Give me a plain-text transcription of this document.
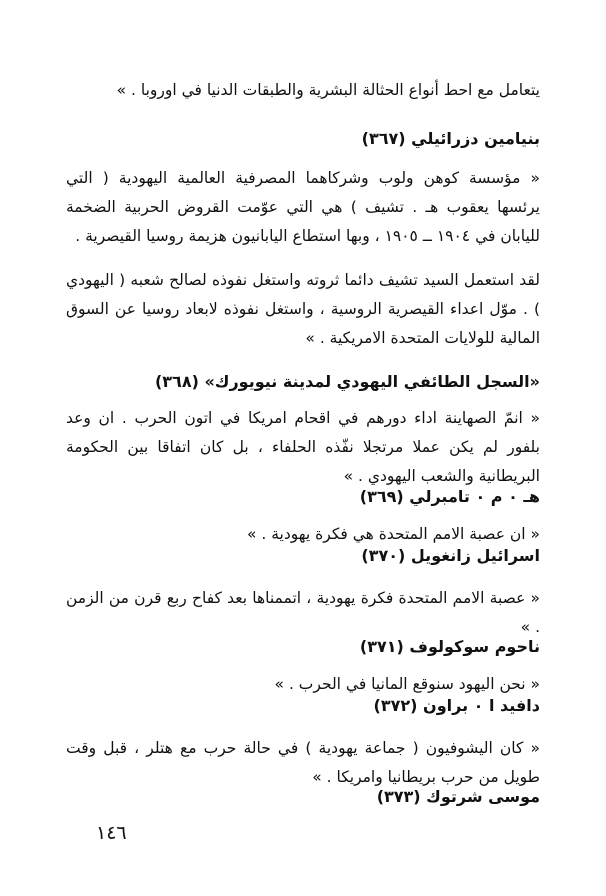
يتعامل مع احط أنواع الحثالة البشرية والطبقات الدنيا في اوروبا . »
بنيامين دزرائيلي (٣٦٧)
« مؤسسة كوهن ولوب وشركاهما المصرفية العالمية اليهودية ( التي يرئسها يعقوب هـ . تشيف ) هي التي عوّمت القروض الحربية الضخمة لليابان في ١٩٠٤ ــ ١٩٠٥ ، وبها استطاع اليابانيون هزيمة روسيا القيصرية .
لقد استعمل السيد تشيف دائما ثروته واستغل نفوذه لصالح شعبه ( اليهودي ) . موّل اعداء القيصرية الروسية ، واستغل نفوذه لابعاد روسيا عن السوق المالية للولايات المتحدة الامريكية . »
«السجل الطائفي اليهودي لمدينة نيويورك» (٣٦٨)
« انمّ الصهاينة اداء دورهم في اقحام امريكا في اتون الحرب . ان وعد بلفور لم يكن عملا مرتجلا نفّذه الحلفاء ، بل كان اتفاقا بين الحكومة البريطانية والشعب اليهودي . »
هـ ٠ م ٠ تامبرلي (٣٦٩)
« ان عصبة الامم المتحدة هي فكرة يهودية . »
اسرائيل زانغويل (٣٧٠)
« عصبة الامم المتحدة فكرة يهودية ، اتممناها بعد كفاح ربع قرن من الزمن . »
ناحوم سوكولوف (٣٧١)
« نحن اليهود سنوقع المانيا في الحرب . »
دافيد ا ٠ براون (٣٧٢)
« كان اليشوفيون ( جماعة يهودية ) في حالة حرب مع هتلر ، قبل وقت طويل من حرب بريطانيا وامريكا . »
موسى شرتوك (٣٧٣)
١٤٦
